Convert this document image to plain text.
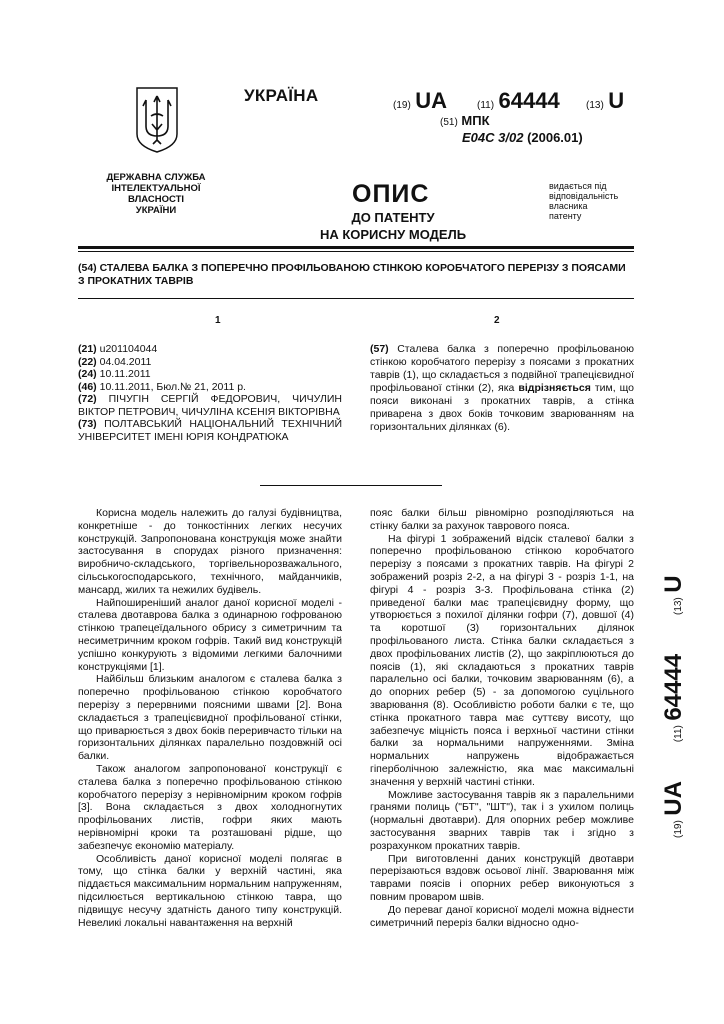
УКРАЇНА
(19) UA	(11) 64444	(13) U
(51) МПК
E04C 3/02 (2006.01)
ДЕРЖАВНА СЛУЖБА
ІНТЕЛЕКТУАЛЬНОЇ
ВЛАСНОСТІ
УКРАЇНИ
ОПИС
ДО ПАТЕНТУ
НА КОРИСНУ МОДЕЛЬ
видається під
відповідальність
власника
патенту
(54) СТАЛЕВА БАЛКА З ПОПЕРЕЧНО ПРОФІЛЬОВАНОЮ СТІНКОЮ КОРОБЧАТОГО ПЕРЕРІЗУ З ПОЯСАМИ З ПРОКАТНИХ ТАВРІВ
1	2
(21) u201104044
(22) 04.04.2011
(24) 10.11.2011
(46) 10.11.2011, Бюл.№ 21, 2011 р.
(72) ПІЧУГІН СЕРГІЙ ФЕДОРОВИЧ, ЧИЧУЛИН ВІКТОР ПЕТРОВИЧ, ЧИЧУЛІНА КСЕНІЯ ВІКТОРІВНА
(73) ПОЛТАВСЬКИЙ НАЦІОНАЛЬНИЙ ТЕХНІЧНИЙ УНІВЕРСИТЕТ ІМЕНІ ЮРІЯ КОНДРАТЮКА
(57) Сталева балка з поперечно профільованою стінкою коробчатого перерізу з поясами з прокатних таврів (1), що складається з подвійної трапецієвидної профільованої стінки (2), яка відрізняється тим, що пояси виконані з прокатних таврів, а стінка приварена з двох боків точковим зварюванням на горизонтальних ділянках (6).

Корисна модель належить до галузі будівництва, конкретніше - до тонкостінних легких несучих конструкцій. Запропонована конструкція може знайти застосування в спорудах різного призначення: виробничо-складського, торгівельнорозважального, сільськогосподарського, технічного, майданчиків, мансард, жилих та нежилих будівель.

Найпоширеніший аналог даної корисної моделі - сталева двотаврова балка з одинарною гофрованою стінкою трапецеїдального обрису з симетричним та несиметричним кроком гофрів. Такий вид конструкцій успішно конкурують з відомими легкими балочними конструкціями [1].

Найбільш близьким аналогом є сталева балка з поперечно профільованою стінкою коробчатого перерізу з перервними поясними швами [2]. Вона складається з трапецієвидної профільованої стінки, що приварюється з двох боків переривчасто тільки на горизонтальних ділянках паралельно поздовжній осі балки.

Також аналогом запропонованої конструкції є сталева балка з поперечно профільованою стінкою коробчатого перерізу з нерівномірним кроком гофрів [3]. Вона складається з двох холодногнутих профільованих листів, гофри яких мають нерівномірні кроки та розташовані рідше, що забезпечує економію матеріалу.

Особливість даної корисної моделі полягає в тому, що стінка балки у верхній частині, яка піддається максимальним нормальним напруженням, підсилюється вертикальною стінкою тавра, що підвищує несучу здатність даного типу конструкцій. Невеликі локальні навантаження на верхній

пояс балки більш рівномірно розподіляються на стінку балки за рахунок таврового пояса.

На фігурі 1 зображений відсік сталевої балки з поперечно профільованою стінкою коробчатого перерізу з поясами з прокатних таврів. На фігурі 2 зображений розріз 2-2, а на фігурі 3 - розріз 1-1, на фігурі 4 - розріз 3-3. Профільована стінка (2) приведеної балки має трапецієвидну форму, що утворюється з похилої ділянки гофри (7), довшої (4) та коротшої (3) горизонтальних ділянок профільованого листа. Стінка балки складається з двох профільованих листів (2), що закріплюються до поясів (1), які складаються з прокатних таврів паралельно осі балки, точковим зварюванням (6), а до опорних ребер (5) - за допомогою суцільного зварювання (8). Особливістю роботи балки є те, що стінка прокатного тавра має суттєву висоту, що забезпечує міцність пояса і верхньої частини стінки балки за нормальними напруженнями. Зміна нормальних напружень відображається гіперболічною залежністю, яка має максимальні значення у верхній частині стінки.

Можливе застосування таврів як з паралельними гранями полиць ("БТ", "ШТ"), так і з ухилом полиць (нормальні двотаври). Для опорних ребер можливе застосування зварних таврів так і згідно з розрахунком прокатних таврів.

При виготовленні даних конструкцій двотаври перерізаються вздовж осьової лінії. Зварювання між таврами поясів і опорних ребер виконуються з повним проваром швів.

До переваг даної корисної моделі можна віднести симетричний переріз балки відносно одно-

(19) UA  (11) 64444  (13) U
